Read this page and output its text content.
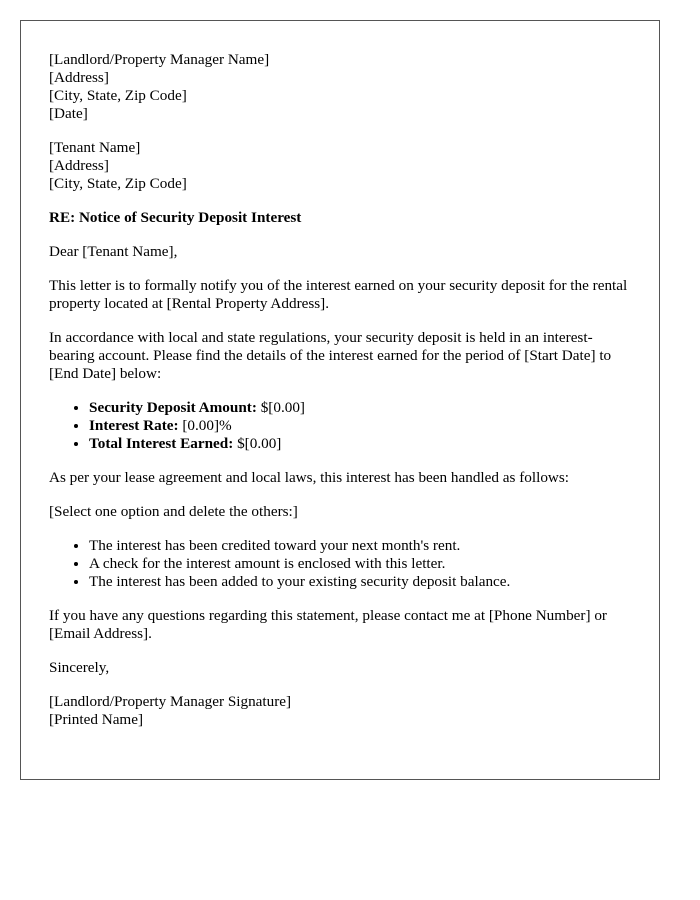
[Landlord/Property Manager Name]

[Address]

[City, State, Zip Code]

[Date]

[Tenant Name]

[Address]

[City, State, Zip Code]

RE: Notice of Security Deposit Interest

Dear [Tenant Name],

This letter is to formally notify you of the interest earned on your security deposit for the rental property located at [Rental Property Address].

In accordance with local and state regulations, your security deposit is held in an interest-bearing account. Please find the details of the interest earned for the period of [Start Date] to [End Date] below:

• Security Deposit Amount: $[0.00]
• Interest Rate: [0.00]%
• Total Interest Earned: $[0.00]

As per your lease agreement and local laws, this interest has been handled as follows:

[Select one option and delete the others:]

• The interest has been credited toward your next month's rent.
• A check for the interest amount is enclosed with this letter.
• The interest has been added to your existing security deposit balance.

If you have any questions regarding this statement, please contact me at [Phone Number] or [Email Address].

Sincerely,

[Landlord/Property Manager Signature]

[Printed Name]
